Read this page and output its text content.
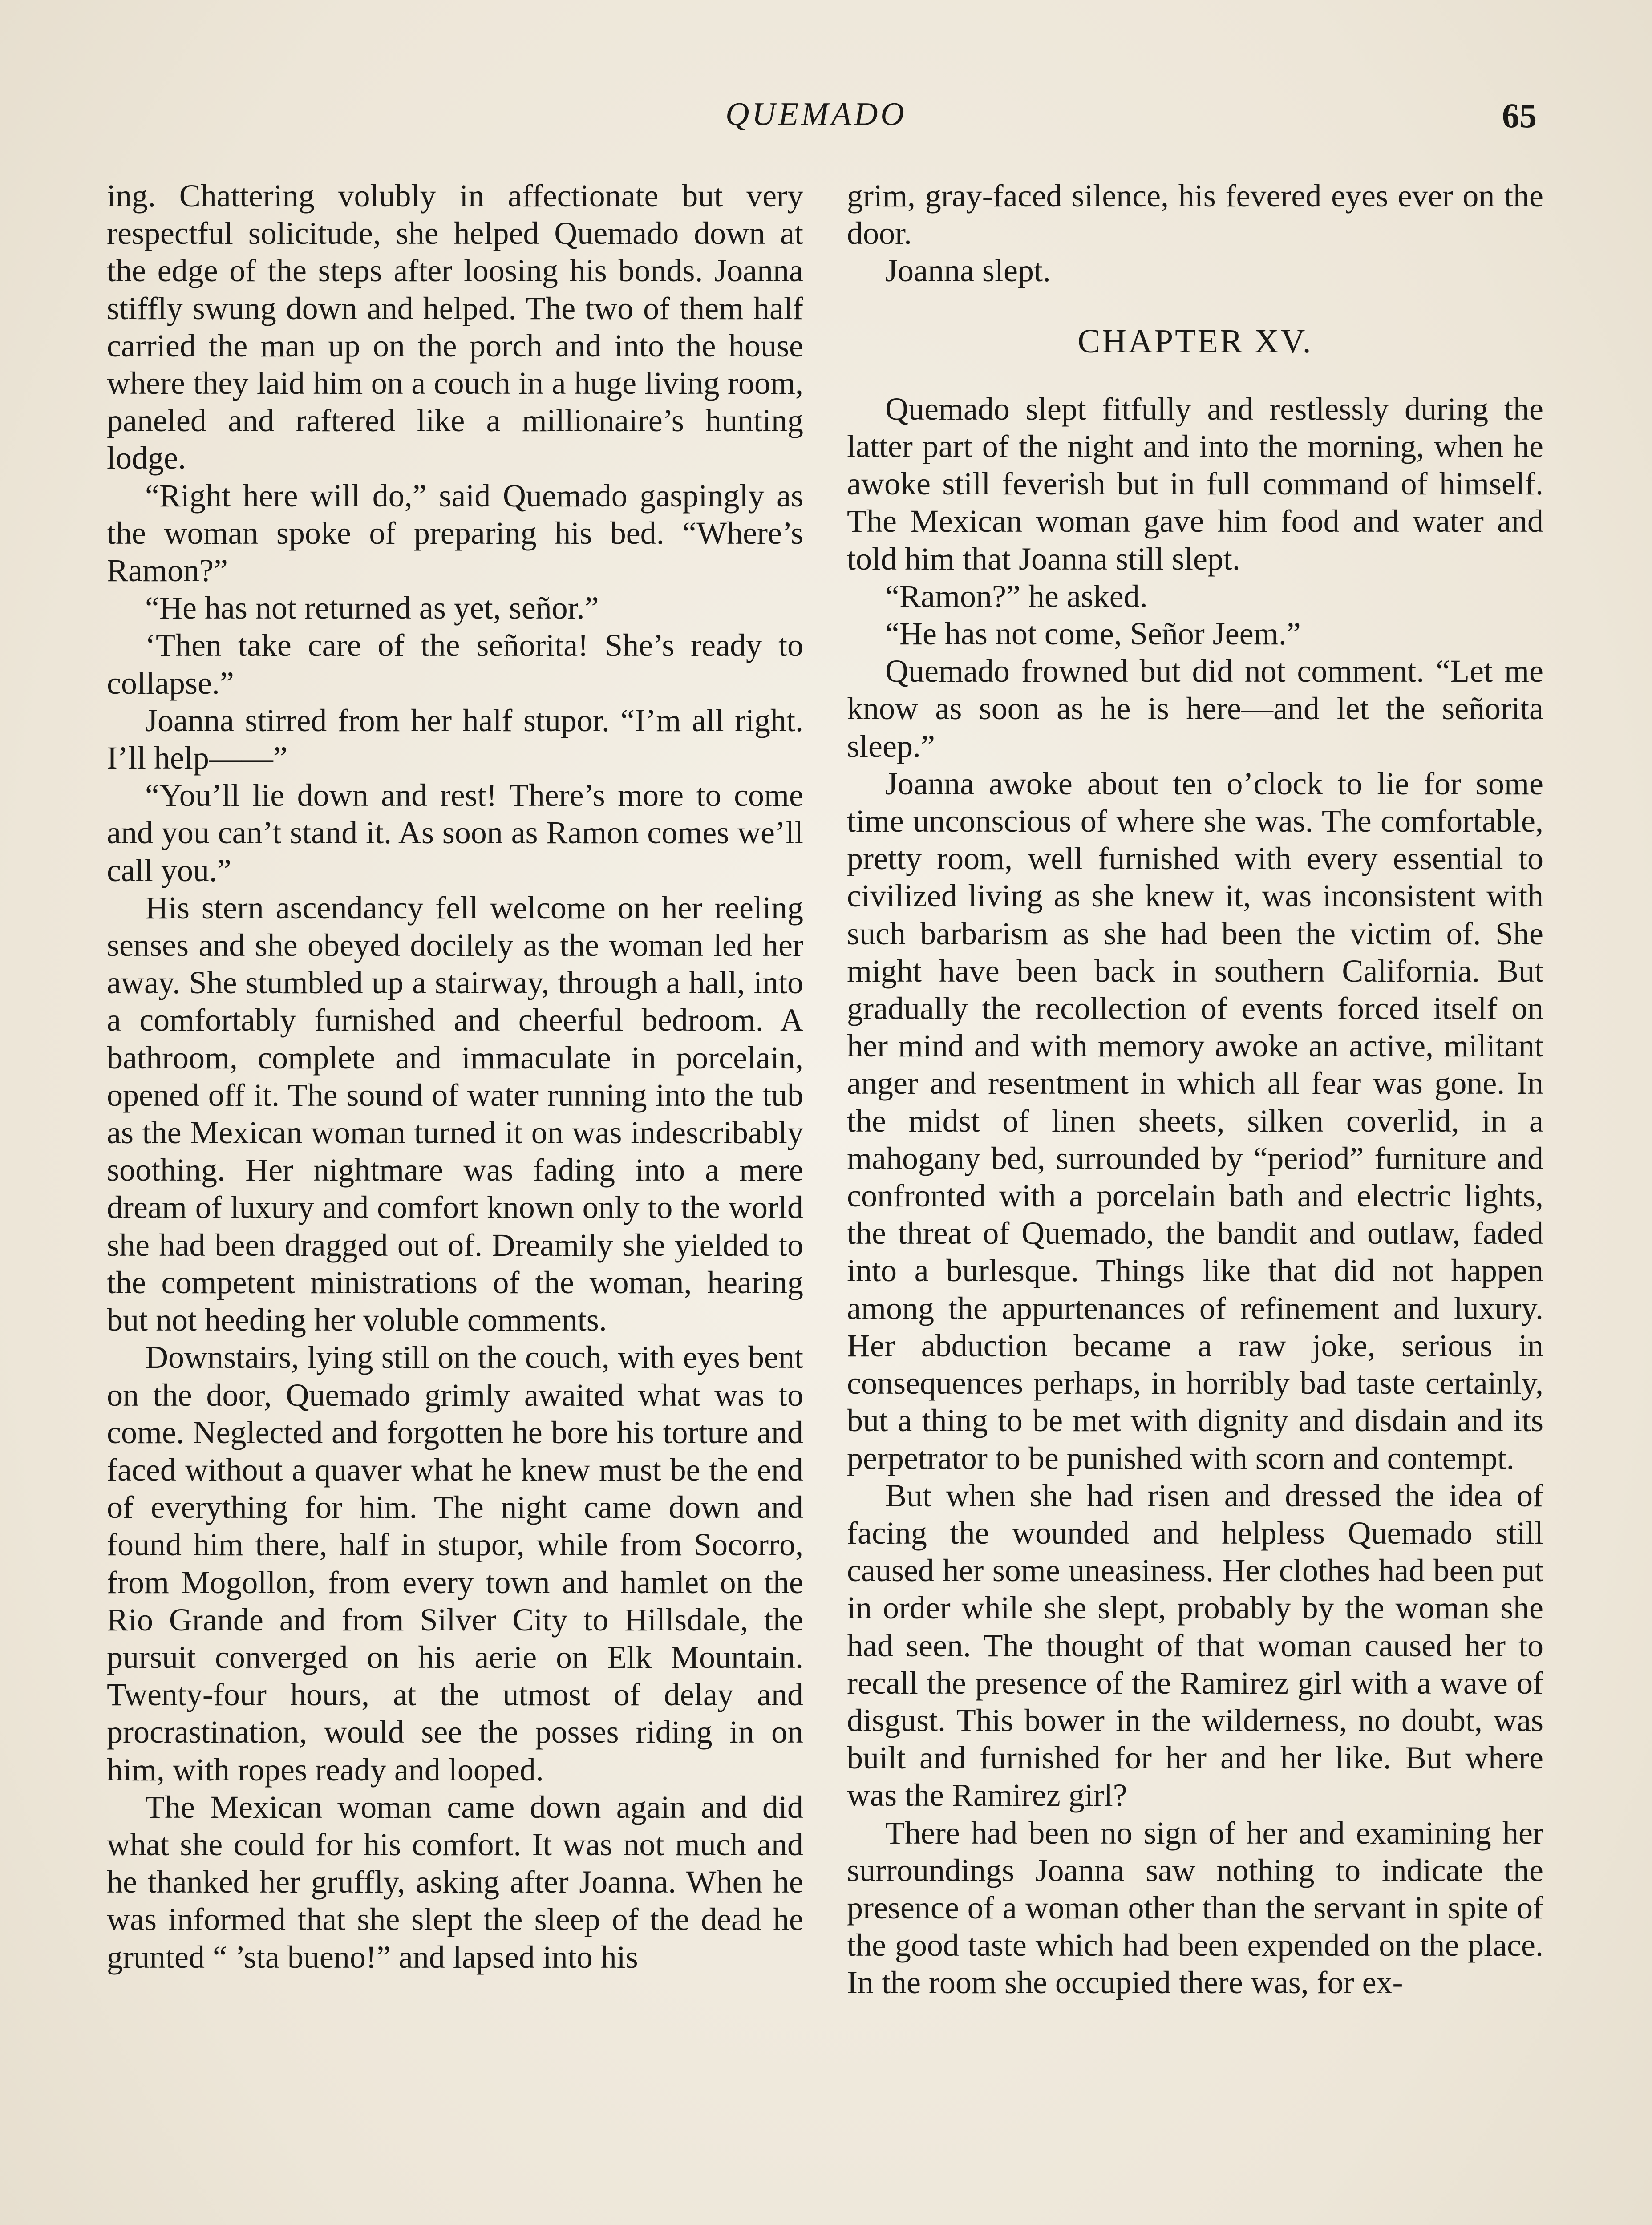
QUEMADO	65

ing. Chattering volubly in affectionate but very respectful solicitude, she helped Quemado down at the edge of the steps after loosing his bonds. Joanna stiffly swung down and helped. The two of them half carried the man up on the porch and into the house where they laid him on a couch in a huge living room, paneled and raftered like a millionaire’s hunting lodge.

“Right here will do,” said Quemado gaspingly as the woman spoke of preparing his bed. “Where’s Ramon?”

“He has not returned as yet, señor.”

‘Then take care of the señorita! She’s ready to collapse.”

Joanna stirred from her half stupor. “I’m all right. I’ll help——”

“You’ll lie down and rest! There’s more to come and you can’t stand it. As soon as Ramon comes we’ll call you.”

His stern ascendancy fell welcome on her reeling senses and she obeyed docilely as the woman led her away. She stumbled up a stairway, through a hall, into a comfortably furnished and cheerful bedroom. A bathroom, complete and immaculate in porcelain, opened off it. The sound of water running into the tub as the Mexican woman turned it on was indescribably soothing. Her nightmare was fading into a mere dream of luxury and comfort known only to the world she had been dragged out of. Dreamily she yielded to the competent ministrations of the woman, hearing but not heeding her voluble comments.

Downstairs, lying still on the couch, with eyes bent on the door, Quemado grimly awaited what was to come. Neglected and forgotten he bore his torture and faced without a quaver what he knew must be the end of everything for him. The night came down and found him there, half in stupor, while from Socorro, from Mogollon, from every town and hamlet on the Rio Grande and from Silver City to Hillsdale, the pursuit converged on his aerie on Elk Mountain. Twenty-four hours, at the utmost of delay and procrastination, would see the posses riding in on him, with ropes ready and looped.

The Mexican woman came down again and did what she could for his comfort. It was not much and he thanked her gruffly, asking after Joanna. When he was informed that she slept the sleep of the dead he grunted “ ’sta bueno!” and lapsed into his

grim, gray-faced silence, his fevered eyes ever on the door.

Joanna slept.

CHAPTER XV.

Quemado slept fitfully and restlessly during the latter part of the night and into the morning, when he awoke still feverish but in full command of himself. The Mexican woman gave him food and water and told him that Joanna still slept.

“Ramon?” he asked.

“He has not come, Señor Jeem.”

Quemado frowned but did not comment. “Let me know as soon as he is here—and let the señorita sleep.”

Joanna awoke about ten o’clock to lie for some time unconscious of where she was. The comfortable, pretty room, well furnished with every essential to civilized living as she knew it, was inconsistent with such barbarism as she had been the victim of. She might have been back in southern California. But gradually the recollection of events forced itself on her mind and with memory awoke an active, militant anger and resentment in which all fear was gone. In the midst of linen sheets, silken coverlid, in a mahogany bed, surrounded by “period” furniture and confronted with a porcelain bath and electric lights, the threat of Quemado, the bandit and outlaw, faded into a burlesque. Things like that did not happen among the appurtenances of refinement and luxury. Her abduction became a raw joke, serious in consequences perhaps, in horribly bad taste certainly, but a thing to be met with dignity and disdain and its perpetrator to be punished with scorn and contempt.

But when she had risen and dressed the idea of facing the wounded and helpless Quemado still caused her some uneasiness. Her clothes had been put in order while she slept, probably by the woman she had seen. The thought of that woman caused her to recall the presence of the Ramirez girl with a wave of disgust. This bower in the wilderness, no doubt, was built and furnished for her and her like. But where was the Ramirez girl?

There had been no sign of her and examining her surroundings Joanna saw nothing to indicate the presence of a woman other than the servant in spite of the good taste which had been expended on the place. In the room she occupied there was, for ex-
